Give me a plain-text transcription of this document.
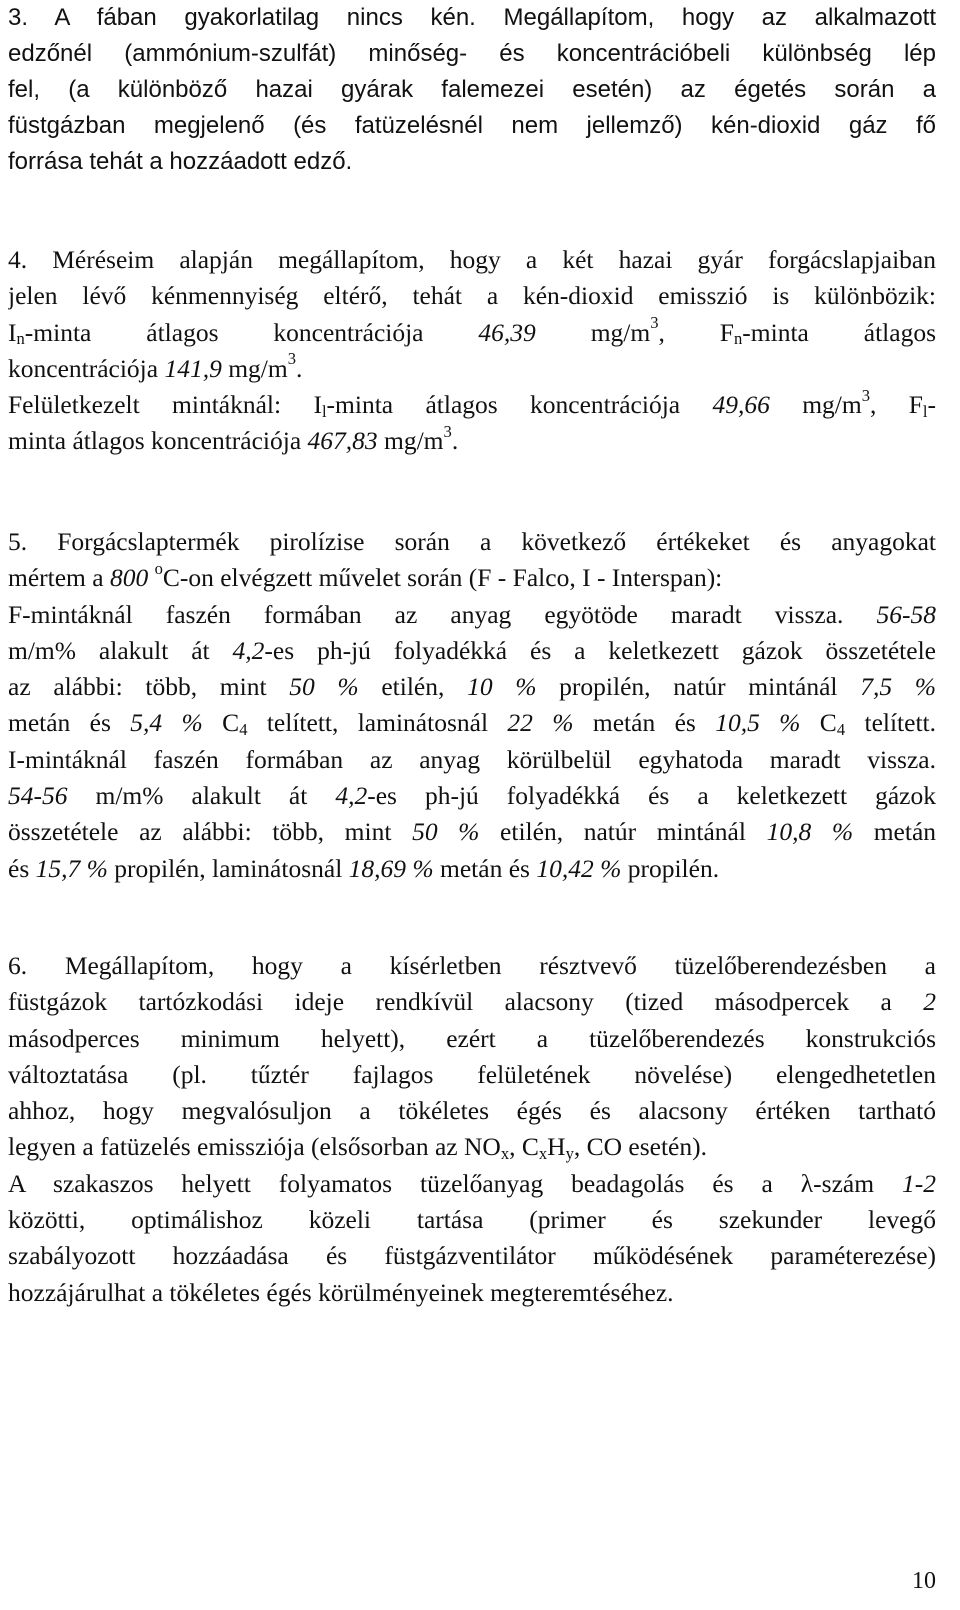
3. A fában gyakorlatilag nincs kén. Megállapítom, hogy az alkalmazott
edzőnél (ammónium-szulfát) minőség- és koncentrációbeli különbség lép
fel, (a különböző hazai gyárak falemezei esetén) az égetés során a
füstgázban megjelenő (és fatüzelésnél nem jellemző) kén-dioxid gáz fő
forrása tehát a hozzáadott edző.
4. Méréseim alapján megállapítom, hogy a két hazai gyár forgácslapjaiban
jelen lévő kénmennyiség eltérő, tehát a kén-dioxid emisszió is különbözik:
$I_n$-minta átlagos koncentrációja 46,39 $mg/m^3$, $F_n$-minta átlagos
koncentrációja 141,9 $mg/m^3$.
Felületkezelt mintáknál: $I_l$-minta átlagos koncentrációja 49,66 $mg/m^3$, $F_l-$
minta átlagos koncentrációja 467,83 $mg/m^3$.
5. Forgácslaptermék pirolízise során a következő értékeket és anyagokat
mértem a 800 $^o$C-on elvégzett művelet során (F - Falco, I - Interspan):
F-mintáknál faszén formában az anyag egyötöde maradt vissza. 56-58
m/m% alakult át 4,2-es ph-jú folyadékká és a keletkezett gázok összetétele
az alábbi: több, mint 50 % etilén, 10 % propilén, natúr mintánál 7,5 %
metán és 5,4 % $C_4$ telített, laminátosnál 22 % metán és 10,5 % $C_4$ telített.
I-mintáknál faszén formában az anyag körülbelül egyhatoda maradt vissza.
54-56 m/m% alakult át 4,2-es ph-jú folyadékká és a keletkezett gázok
összetétele az alábbi: több, mint 50 % etilén, natúr mintánál 10,8 % metán
és 15,7 % propilén, laminátosnál 18,69 % metán és 10,42 % propilén.
6. Megállapítom, hogy a kísérletben résztvevő tüzelőberendezésben a
füstgázok tartózkodási ideje rendkívül alacsony (tized másodpercek a 2
másodperces minimum helyett), ezért a tüzelőberendezés konstrukciós
változtatása (pl. tűztér fajlagos felületének növelése) elengedhetetlen
ahhoz, hogy megvalósuljon a tökéletes égés és alacsony értéken tartható
legyen a fatüzelés emissziója (elsősorban az $NO_x$, $C_xH_y$, CO esetén).
A szakaszos helyett folyamatos tüzelőanyag beadagolás és a λ-szám 1-2
közötti, optimálishoz közeli tartása (primer és szekunder levegő
szabályozott hozzáadása és füstgázventilátor működésének paraméterezése)
hozzájárulhat a tökéletes égés körülményeinek megteremtéséhez.
10
